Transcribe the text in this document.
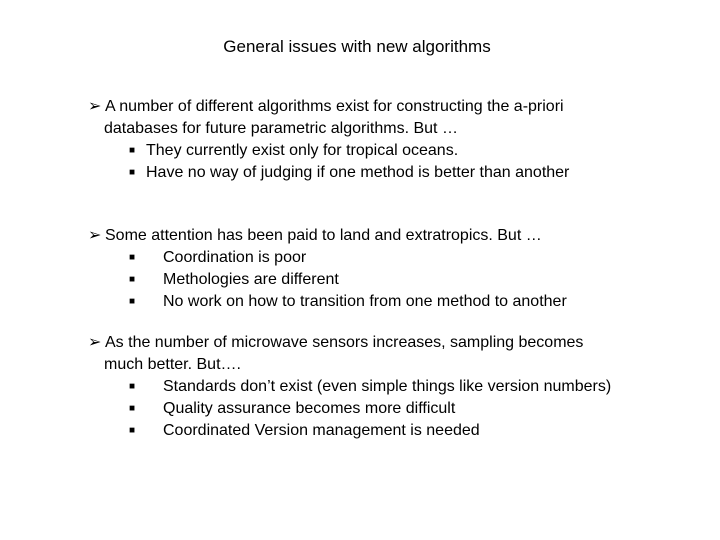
General issues with new algorithms
➢ A number of different algorithms exist for constructing the a-priori
databases for future parametric algorithms. But …
■ They currently exist only for tropical oceans.
■ Have no way of judging if one method is better than another
➢ Some attention has been paid to land and extratropics. But …
■	Coordination is poor
■	Methologies are different
■	No work on how to transition from one method to another
➢ As the number of microwave sensors increases, sampling becomes
much better. But….
■	Standards don’t exist (even simple things like version numbers)
■	Quality assurance becomes more difficult
■	Coordinated Version management is needed
